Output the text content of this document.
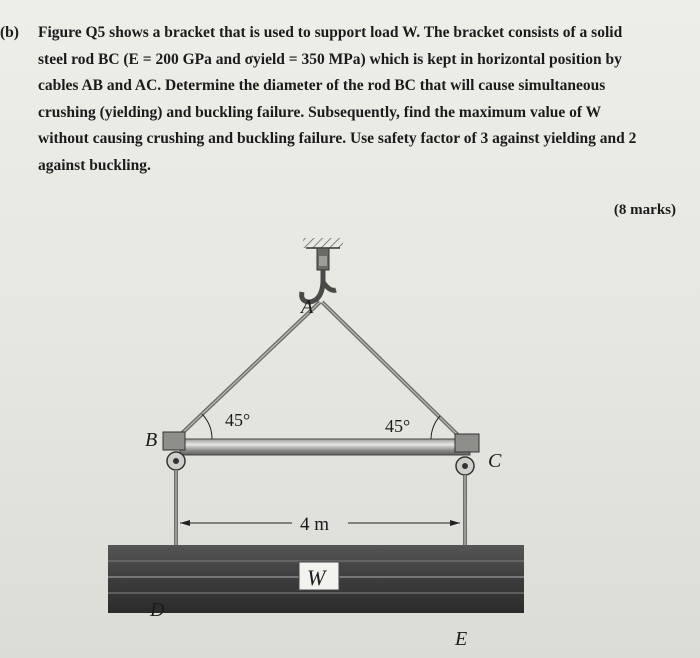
(b) Figure Q5 shows a bracket that is used to support load W. The bracket consists of a solid
steel rod BC (E = 200 GPa and σyield = 350 MPa) which is kept in horizontal position by
cables AB and AC. Determine the diameter of the rod BC that will cause simultaneous
crushing (yielding) and buckling failure. Subsequently, find the maximum value of W
without causing crushing and buckling failure. Use safety factor of 3 against yielding and 2
against buckling.
(8 marks)
A
B
C
D
E
45°	45°
4 m
W
